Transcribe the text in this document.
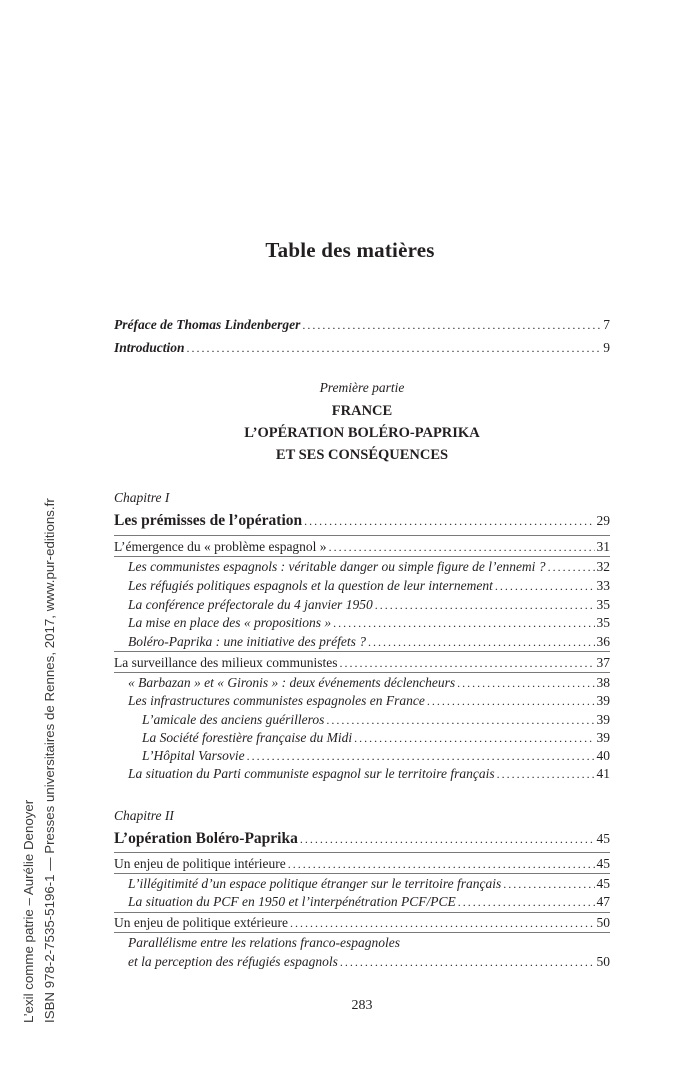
Table des matières
Préface de Thomas Lindenberger . . .	7
Introduction . . .	9
Première partie
FRANCE
L’OPÉRATION BOLÉRO-PAPRIKA
ET SES CONSÉQUENCES
Chapitre I
Les prémisses de l’opération . . .	29
L’émergence du « problème espagnol » . . .	31
Les communistes espagnols : véritable danger ou simple figure de l’ennemi ? . . .	32
Les réfugiés politiques espagnols et la question de leur internement . . .	33
La conférence préfectorale du 4 janvier 1950 . . .	35
La mise en place des « propositions » . . .	35
Boléro-Paprika : une initiative des préfets ? . . .	36
La surveillance des milieux communistes . . .	37
« Barbazan » et « Gironis » : deux événements déclencheurs . . .	38
Les infrastructures communistes espagnoles en France . . .	39
L’amicale des anciens guérilleros . . .	39
La Société forestière française du Midi . . .	39
L’Hôpital Varsovie . . .	40
La situation du Parti communiste espagnol sur le territoire français . . .	41
Chapitre II
L’opération Boléro-Paprika . . .	45
Un enjeu de politique intérieure . . .	45
L’illégitimité d’un espace politique étranger sur le territoire français . . .	45
La situation du PCF en 1950 et l’interpénétration PCF/PCE . . .	47
Un enjeu de politique extérieure . . .	50
Parallélisme entre les relations franco-espagnoles
et la perception des réfugiés espagnols . . .	50
283
L’exil comme patrie – Aurélie Denoyer ISBN 978-2-7535-5196-1 — Presses universitaires de Rennes, 2017, www.pur-editions.fr
